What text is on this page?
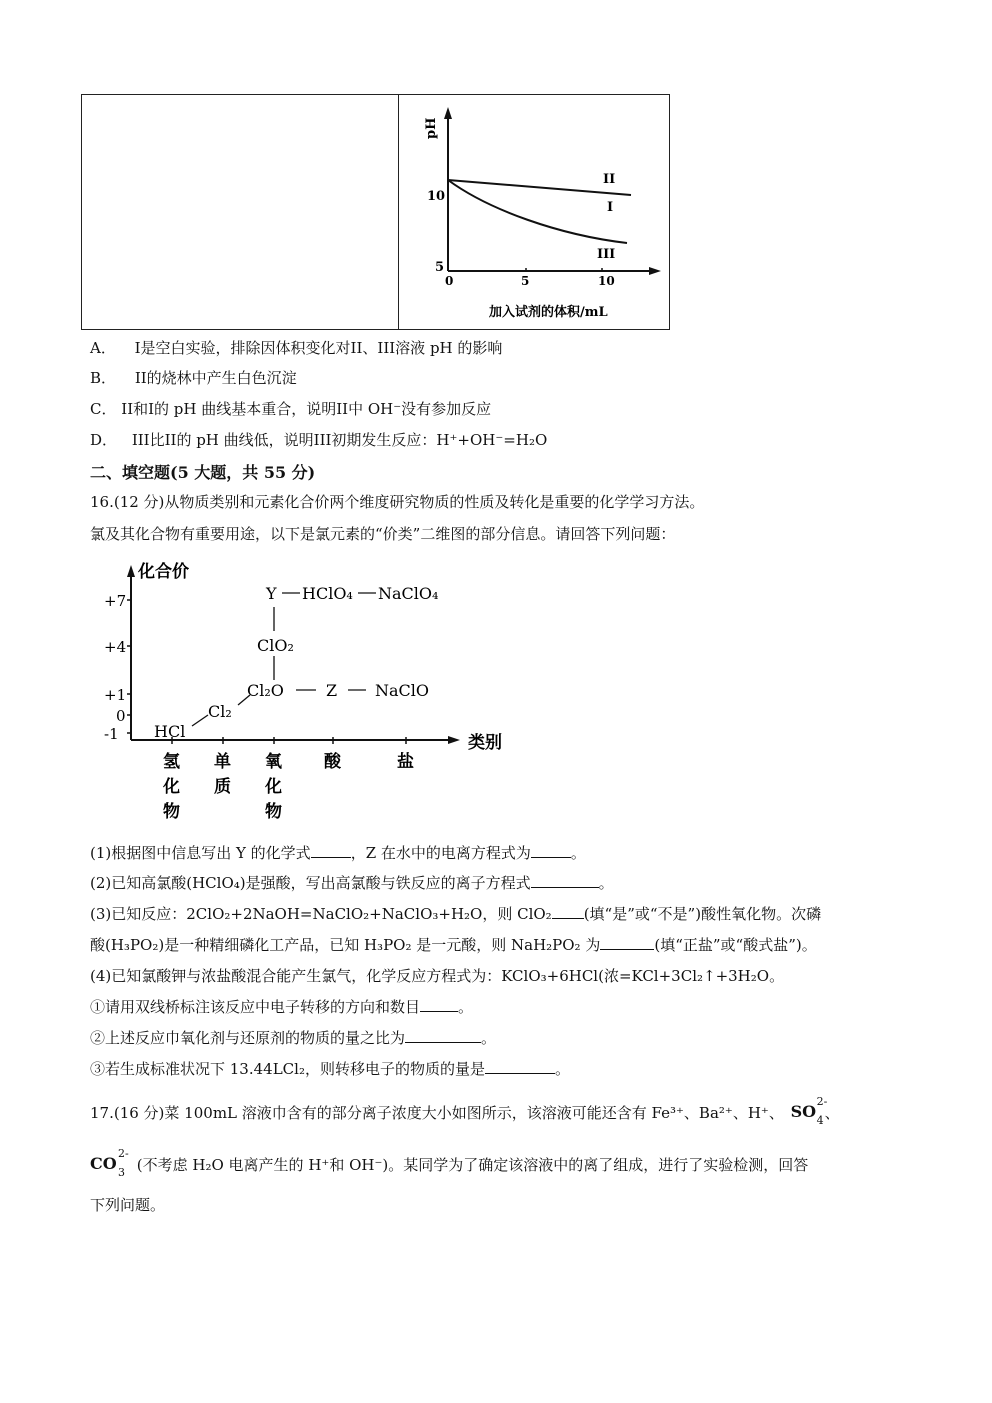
pH
10
5
0	5	10
II
I
III
加入试剂的体积/mL
A． I是空白实验，排除因体积变化对II、III溶液 pH 的影响
B． II的烧林中产生白色沉淀
C． II和I的 pH 曲线基本重合，说明II中 OH⁻没有参加反应
D． III比II的 pH 曲线低，说明III初期发生反应：H⁺+OH⁻=H₂O
二、填空题(5 大题，共 55 分)
16.(12 分)从物质类别和元素化合价两个维度研究物质的性质及转化是重要的化学学习方法。
氯及其化合物有重要用途，以下是氯元素的“价类”二维图的部分信息。请回答下列问题：
化合价
类别
+7
+4
+1
0
-1
氢 化 物
单 质
氧 化 物
酸	盐
HCl
Cl₂
Cl₂O
ClO₂
Y HClO₄ NaClO₄
Z NaClO
(1)根据图中信息写出 Y 的化学式	，Z 在水中的电离方程式为	。
(2)已知高氯酸(HClO₄)是强酸，写出高氯酸与铁反应的离子方程式	。
(3)已知反应：2ClO₂+2NaOH=NaClO₂+NaClO₃+H₂O，则 ClO₂ (填“是”或“不是”)酸性氧化物。次磷
酸(H₃PO₂)是一种精细磷化工产品，已知 H₃PO₂ 是一元酸，则 NaH₂PO₂ 为	(填“正盐”或“酸式盐”)。
(4)已知氯酸钾与浓盐酸混合能产生氯气，化学反应方程式为：KClO₃+6HCl(浓=KCl+3Cl₂↑+3H₂O。
①请用双线桥标注该反应中电子转移的方向和数目	。
②上述反应巾氧化剂与还原剂的物质的量之比为	。
③若生成标准状况下 13.44LCl₂，则转移电子的物质的量是	。
17.(16 分)菜 100mL 溶液巾含有的部分离子浓度大小如图所示，该溶液可能还含有 Fe³⁺、Ba²⁺、H⁺、 SO
2-
4 、
CO
2-
3 (不考虑 H₂O 电离产生的 H⁺和 OH⁻)。某同学为了确定该溶液中的离了组成，进行了实验检测，回答
下列问题。
